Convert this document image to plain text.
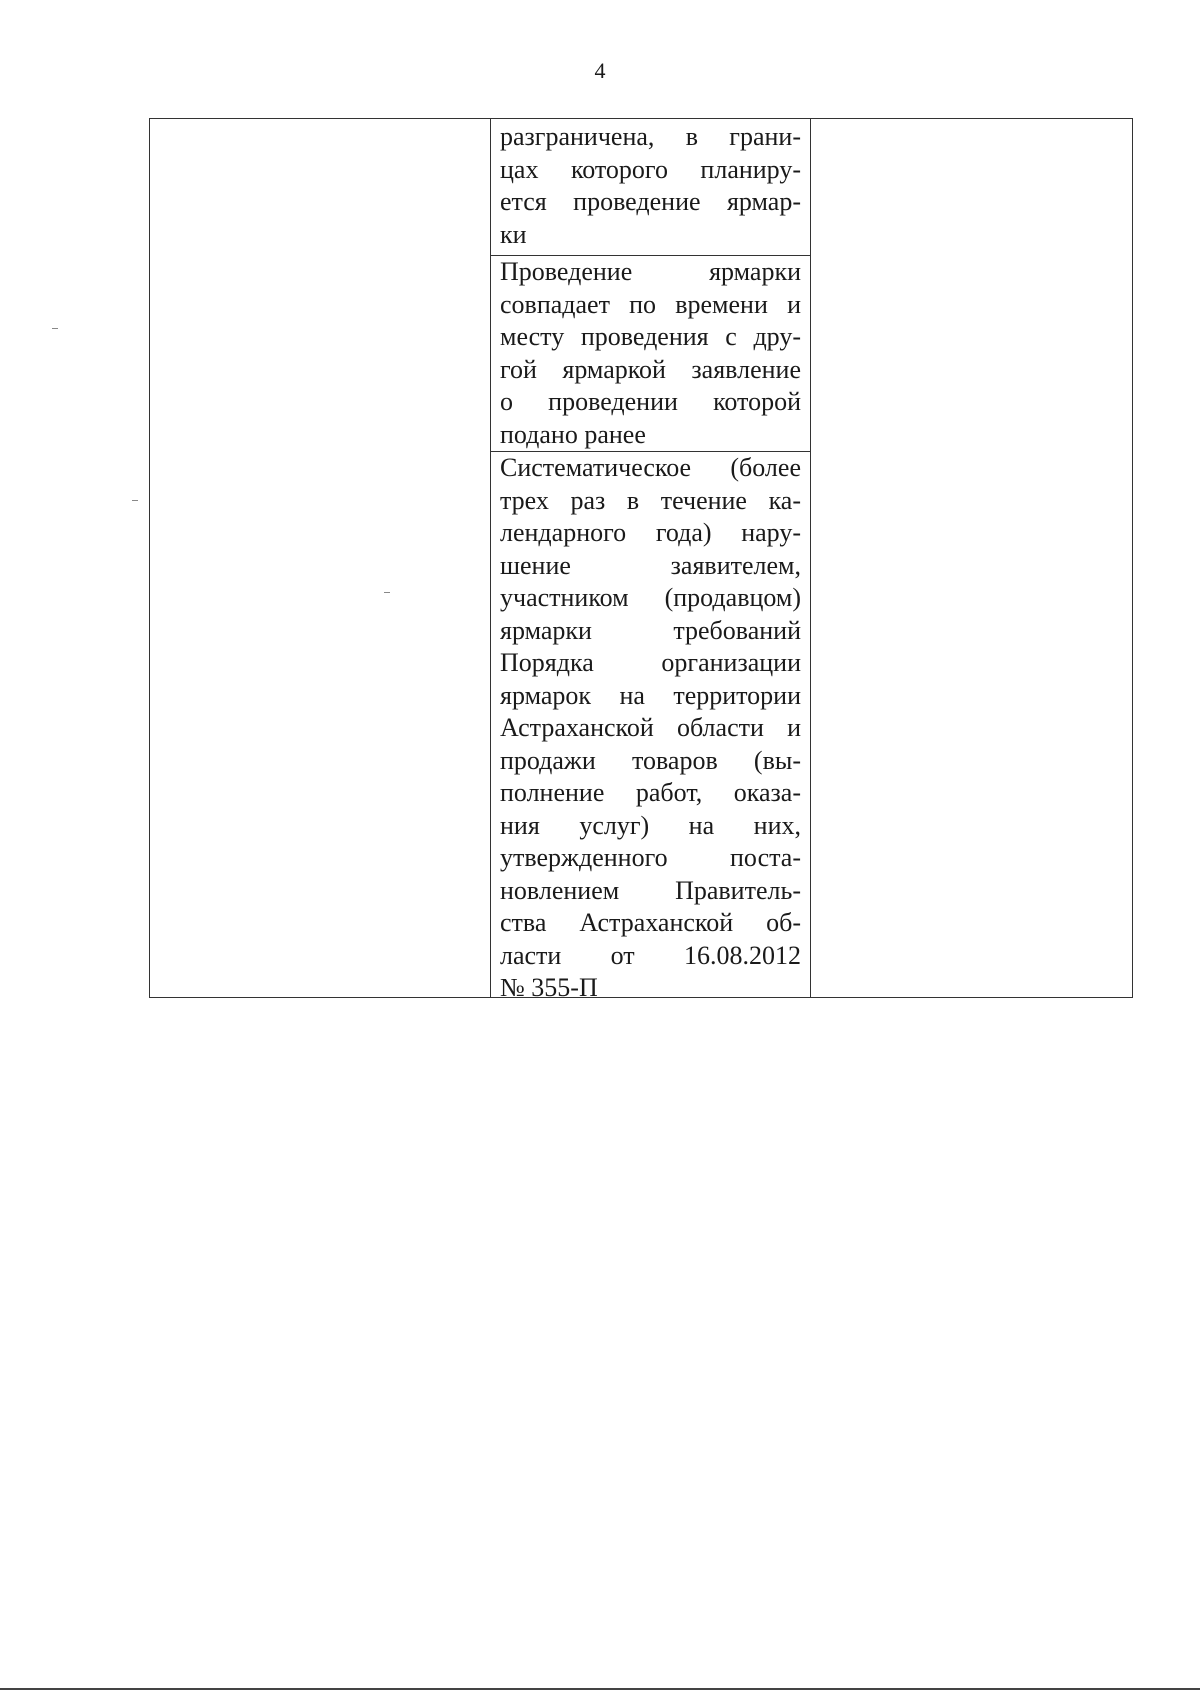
4
разграничена, в грани-
цах которого планиру-
ется проведение ярмар-
ки
Проведение ярмарки
совпадает по времени и
месту проведения с дру-
гой ярмаркой заявление
о проведении которой
подано ранее
Систематическое (более
трех раз в течение ка-
лендарного года) нару-
шение заявителем,
участником (продавцом)
ярмарки требований
Порядка организации
ярмарок на территории
Астраханской области и
продажи товаров (вы-
полнение работ, оказа-
ния услуг) на них,
утвержденного поста-
новлением Правитель-
ства Астраханской об-
ласти от 16.08.2012
№ 355-П
